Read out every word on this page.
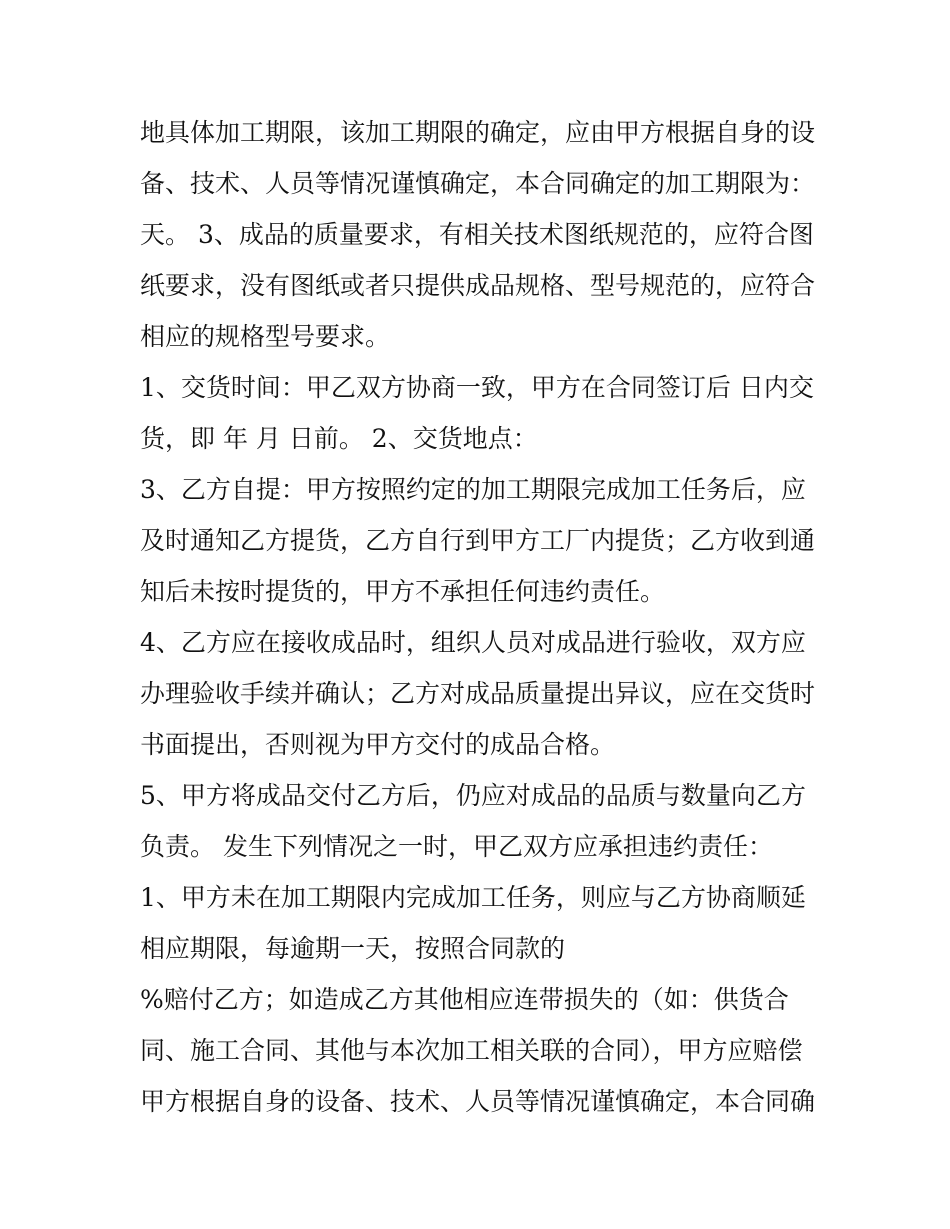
地具体加工期限，该加工期限的确定，应由甲方根据自身的设
备、技术、人员等情况谨慎确定，本合同确定的加工期限为：
天。 3、成品的质量要求，有相关技术图纸规范的，应符合图
纸要求，没有图纸或者只提供成品规格、型号规范的，应符合
相应的规格型号要求。
1、交货时间：甲乙双方协商一致，甲方在合同签订后 日内交
货，即 年 月 日前。 2、交货地点：
3、乙方自提：甲方按照约定的加工期限完成加工任务后，应
及时通知乙方提货，乙方自行到甲方工厂内提货；乙方收到通
知后未按时提货的，甲方不承担任何违约责任。
4、乙方应在接收成品时，组织人员对成品进行验收，双方应
办理验收手续并确认；乙方对成品质量提出异议，应在交货时
书面提出，否则视为甲方交付的成品合格。
5、甲方将成品交付乙方后，仍应对成品的品质与数量向乙方
负责。 发生下列情况之一时，甲乙双方应承担违约责任：
1、甲方未在加工期限内完成加工任务，则应与乙方协商顺延
相应期限，每逾期一天，按照合同款的
%赔付乙方；如造成乙方其他相应连带损失的（如：供货合
同、施工合同、其他与本次加工相关联的合同），甲方应赔偿
甲方根据自身的设备、技术、人员等情况谨慎确定，本合同确
